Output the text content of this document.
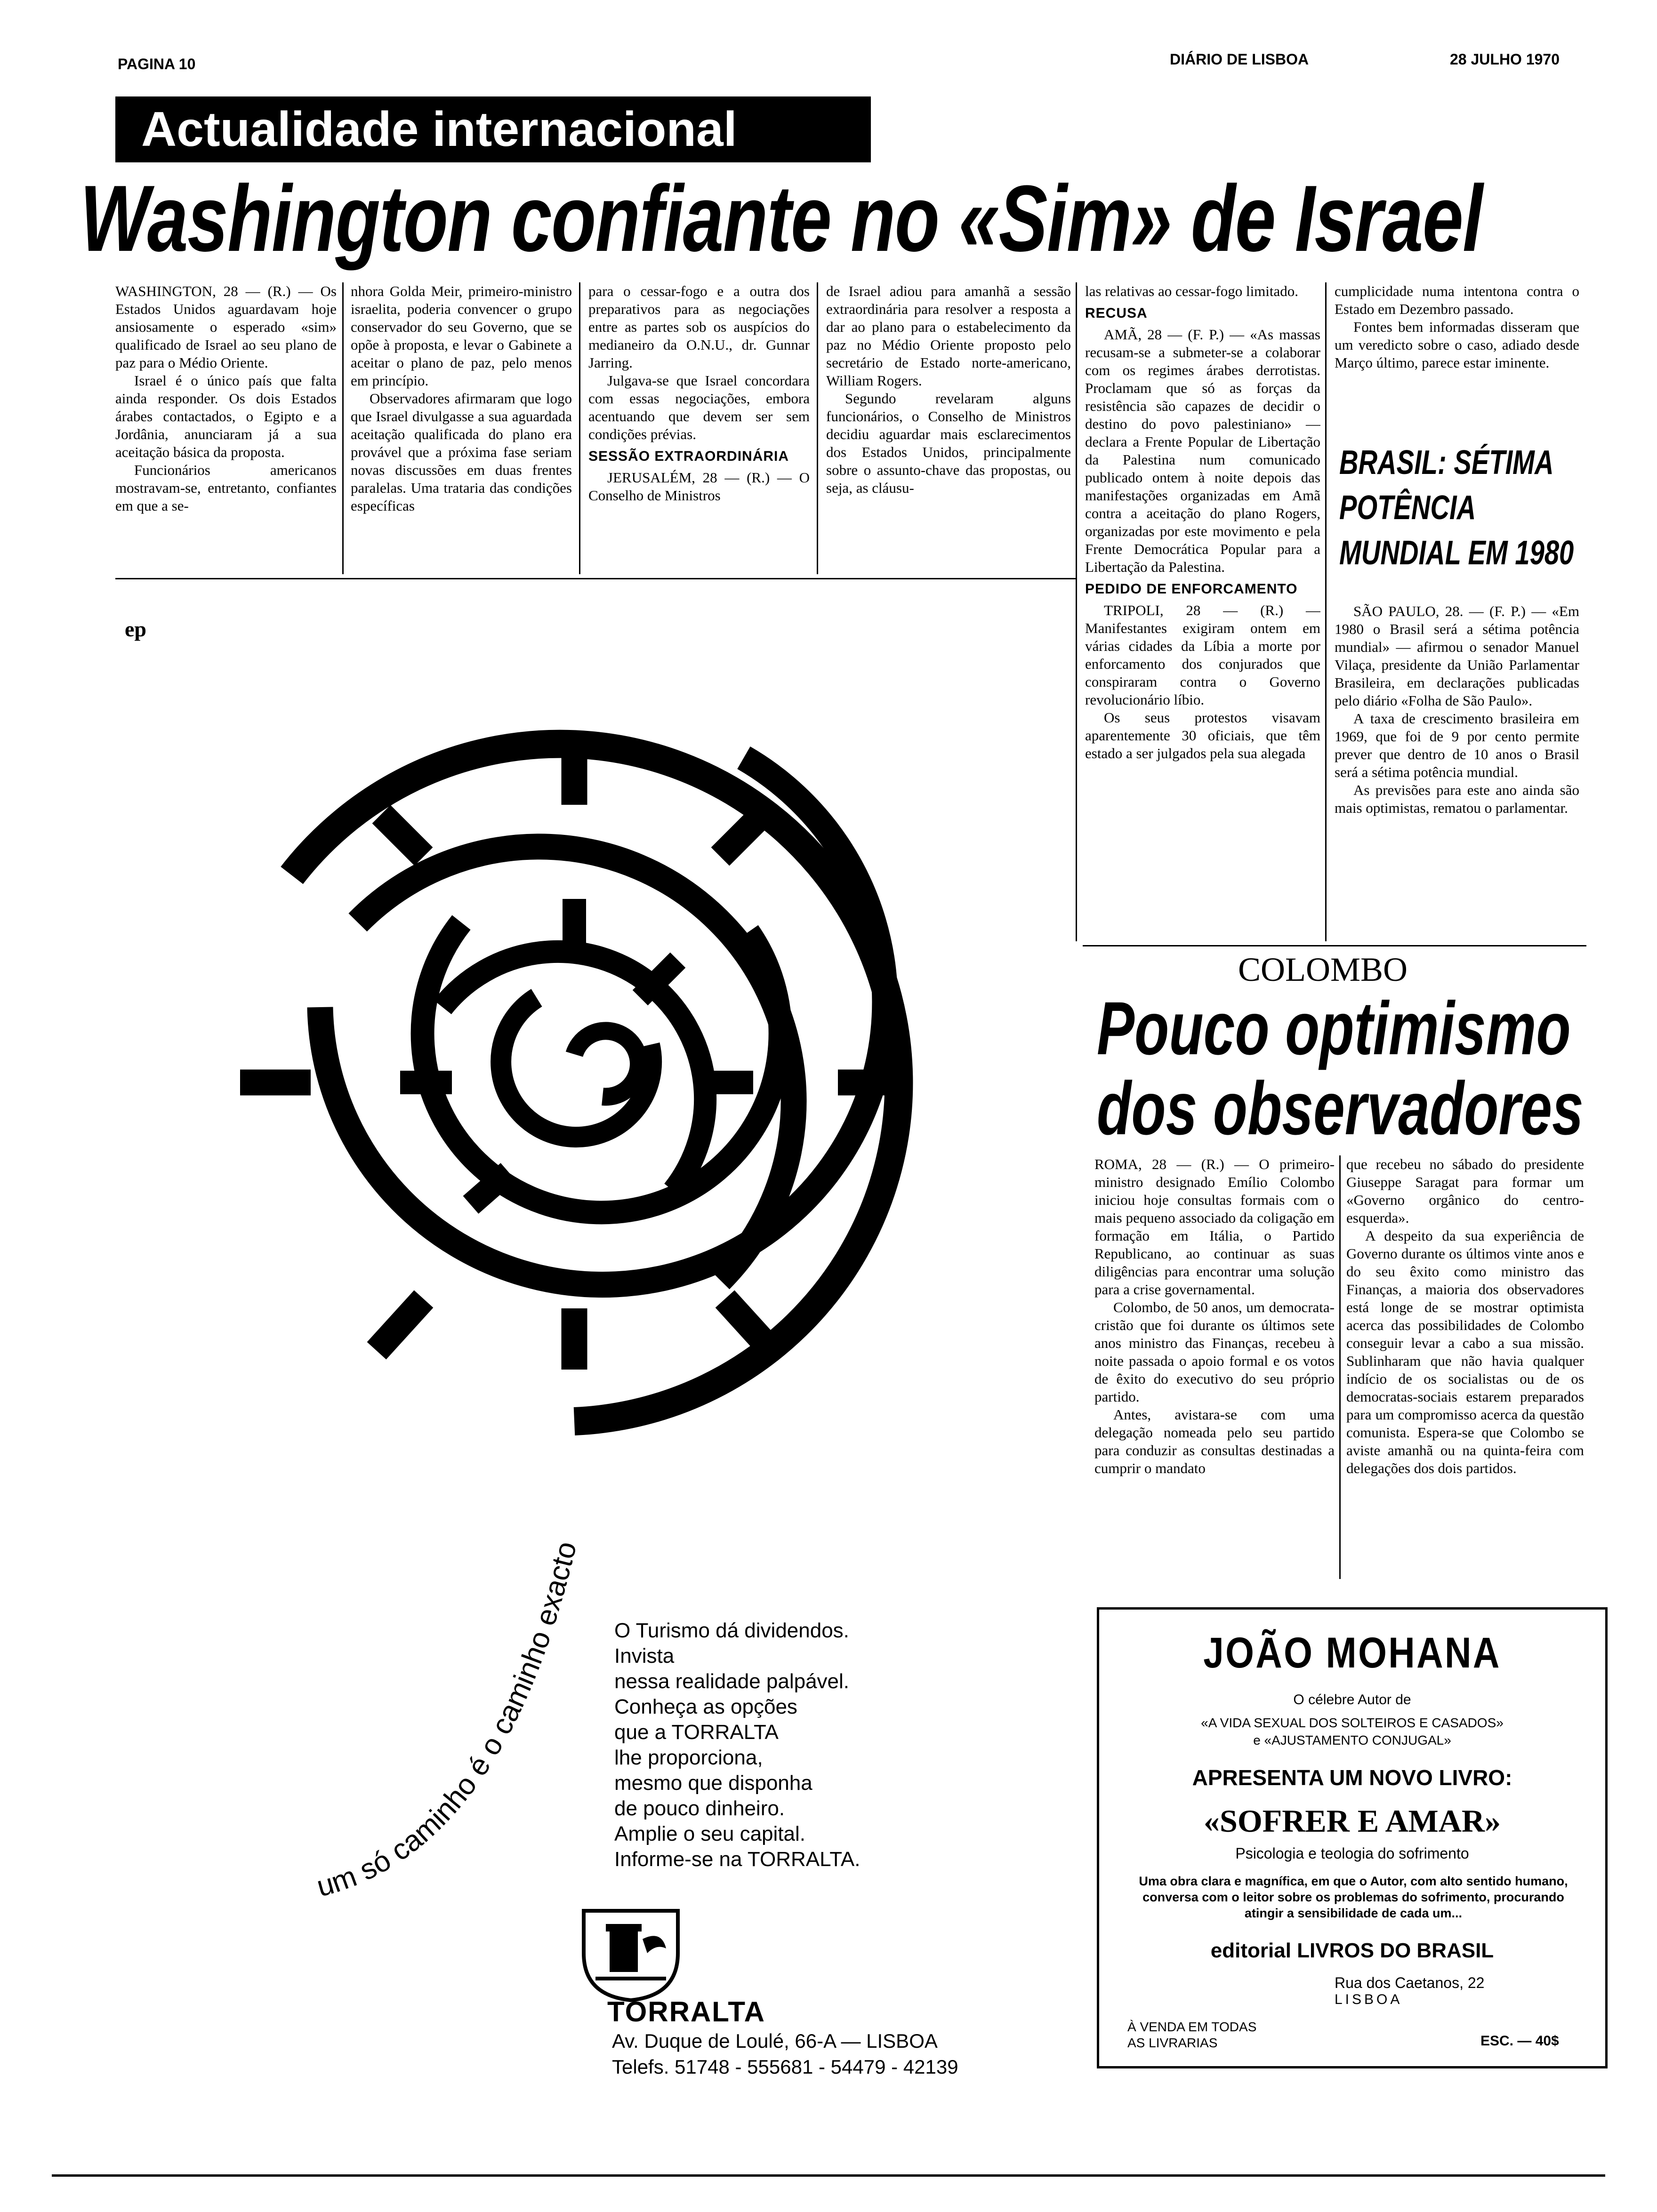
PAGINA 10	DIÁRIO DE LISBOA	28 JULHO 1970
Actualidade internacional
Washington confiante no «Sim» de Israel

WASHINGTON, 28 — (R.) — Os Estados Unidos aguardavam hoje ansiosamente o esperado «sim» qualificado de Israel ao seu plano de paz para o Médio Oriente.

Israel é o único país que falta ainda responder. Os dois Estados árabes contactados, o Egipto e a Jordânia, anunciaram já a sua aceitação básica da proposta.

Funcionários americanos mostravam-se, entretanto, confiantes em que a se-

nhora Golda Meir, primeiro-ministro israelita, poderia convencer o grupo conservador do seu Governo, que se opõe à proposta, e levar o Gabinete a aceitar o plano de paz, pelo menos em princípio.

Observadores afirmaram que logo que Israel divulgasse a sua aguardada aceitação qualificada do plano era provável que a próxima fase seriam novas discussões em duas frentes paralelas. Uma trataria das condições específicas

para o cessar-fogo e a outra dos preparativos para as negociações entre as partes sob os auspícios do medianeiro da O.N.U., dr. Gunnar Jarring.

Julgava-se que Israel concordara com essas negociações, embora acentuando que devem ser sem condições prévias.

SESSÃO EXTRAORDINÁRIA

JERUSALÉM, 28 — (R.) — O Conselho de Ministros

de Israel adiou para amanhã a sessão extraordinária para resolver a resposta a dar ao plano para o estabelecimento da paz no Médio Oriente proposto pelo secretário de Estado norte-americano, William Rogers.

Segundo revelaram alguns funcionários, o Conselho de Ministros decidiu aguardar mais esclarecimentos dos Estados Unidos, principalmente sobre o assunto-chave das propostas, ou seja, as cláusu-

las relativas ao cessar-fogo limitado.

RECUSA

AMÃ, 28 — (F. P.) — «As massas recusam-se a submeter-se a colaborar com os regimes árabes derrotistas. Proclamam que só as forças da resistência são capazes de decidir o destino do povo palestiniano» — declara a Frente Popular de Libertação da Palestina num comunicado publicado ontem à noite depois das manifestações organizadas em Amã contra a aceitação do plano Rogers, organizadas por este movimento e pela Frente Democrática Popular para a Libertação da Palestina.

PEDIDO DE ENFORCAMENTO

TRIPOLI, 28 — (R.) — Manifestantes exigiram ontem em várias cidades da Líbia a morte por enforcamento dos conjurados que conspiraram contra o Governo revolucionário líbio.

Os seus protestos visavam aparentemente 30 oficiais, que têm estado a ser julgados pela sua alegada

cumplicidade numa intentona contra o Estado em Dezembro passado.

Fontes bem informadas disseram que um veredicto sobre o caso, adiado desde Março último, parece estar iminente.

BRASIL: SÉTIMA
POTÊNCIA
MUNDIAL EM 1980

SÃO PAULO, 28. — (F. P.) — «Em 1980 o Brasil será a sétima potência mundial» — afirmou o senador Manuel Vilaça, presidente da União Parlamentar Brasileira, em declarações publicadas pelo diário «Folha de São Paulo».

A taxa de crescimento brasileira em 1969, que foi de 9 por cento permite prever que dentro de 10 anos o Brasil será a sétima potência mundial.

As previsões para este ano ainda são mais optimistas, rematou o parlamentar.

COLOMBO
Pouco optimismo
dos observadores

ROMA, 28 — (R.) — O primeiro-ministro designado Emílio Colombo iniciou hoje consultas formais com o mais pequeno associado da coligação em formação em Itália, o Partido Republicano, ao continuar as suas diligências para encontrar uma solução para a crise governamental.

Colombo, de 50 anos, um democrata-cristão que foi durante os últimos sete anos ministro das Finanças, recebeu à noite passada o apoio formal e os votos de êxito do executivo do seu próprio partido.

Antes, avistara-se com uma delegação nomeada pelo seu partido para conduzir as consultas destinadas a cumprir o mandato

que recebeu no sábado do presidente Giuseppe Saragat para formar um «Governo orgânico do centro-esquerda».

A despeito da sua experiência de Governo durante os últimos vinte anos e do seu êxito como ministro das Finanças, a maioria dos observadores está longe de se mostrar optimista acerca das possibilidades de Colombo conseguir levar a cabo a sua missão. Sublinharam que não havia qualquer indício de os socialistas ou de os democratas-sociais estarem preparados para um compromisso acerca da questão comunista. Espera-se que Colombo se aviste amanhã ou na quinta-feira com delegações dos dois partidos.

ep
um só caminho é o caminho exacto
O Turismo dá dividendos.
Invista
nessa realidade palpável.
Conheça as opções
que a TORRALTA
lhe proporciona,
mesmo que disponha
de pouco dinheiro.
Amplie o seu capital.
Informe-se na TORRALTA.
TORRALTA
Av. Duque de Loulé, 66-A — LISBOA
Telefs. 51748 - 555681 - 54479 - 42139
JOÃO MOHANA
O célebre Autor de
«A VIDA SEXUAL DOS SOLTEIROS E CASADOS»
e «AJUSTAMENTO CONJUGAL»
APRESENTA UM NOVO LIVRO:
«SOFRER E AMAR»
Psicologia e teologia do sofrimento
Uma obra clara e magnífica, em que o Autor, com alto sentido humano, conversa com o leitor sobre os problemas do sofrimento, procurando atingir a sensibilidade de cada um...
editorial LIVROS DO BRASIL
Rua dos Caetanos, 22
LISBOA
À VENDA EM TODAS AS LIVRARIAS	ESC. — 40$
